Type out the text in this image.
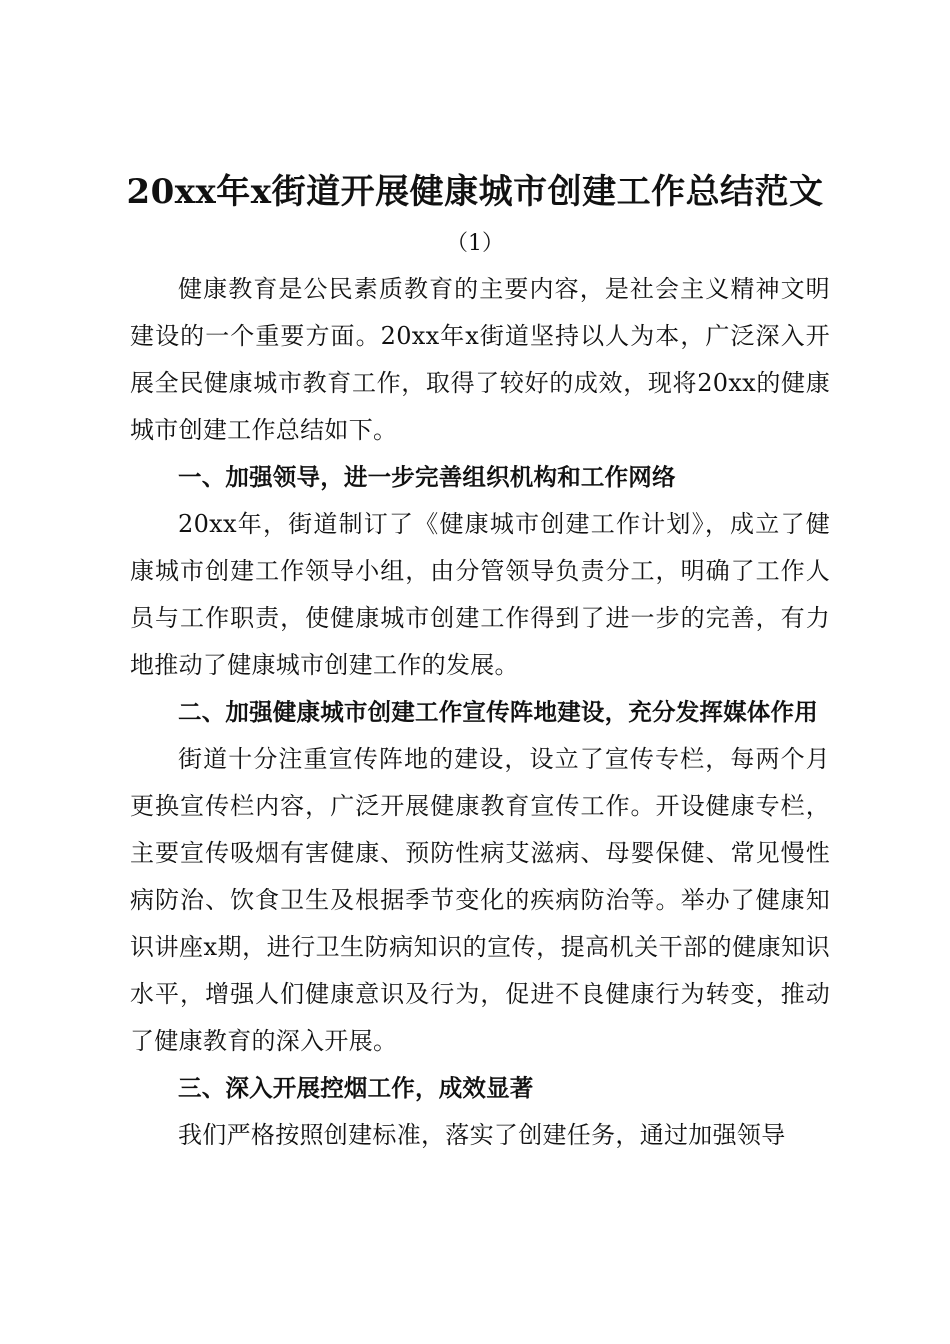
20xx年x街道开展健康城市创建工作总结范文
（1）

健康教育是公民素质教育的主要内容，是社会主义精神文明建设的一个重要方面。20xx年x街道坚持以人为本，广泛深入开展全民健康城市教育工作，取得了较好的成效，现将20xx的健康城市创建工作总结如下。

一、加强领导，进一步完善组织机构和工作网络

20xx年，街道制订了《健康城市创建工作计划》，成立了健康城市创建工作领导小组，由分管领导负责分工，明确了工作人员与工作职责，使健康城市创建工作得到了进一步的完善，有力地推动了健康城市创建工作的发展。

二、加强健康城市创建工作宣传阵地建设，充分发挥媒体作用

街道十分注重宣传阵地的建设，设立了宣传专栏，每两个月更换宣传栏内容，广泛开展健康教育宣传工作。开设健康专栏，主要宣传吸烟有害健康、预防性病艾滋病、母婴保健、常见慢性病防治、饮食卫生及根据季节变化的疾病防治等。举办了健康知识讲座x期，进行卫生防病知识的宣传，提高机关干部的健康知识水平，增强人们健康意识及行为，促进不良健康行为转变，推动了健康教育的深入开展。

三、深入开展控烟工作，成效显著

我们严格按照创建标准，落实了创建任务，通过加强领导
